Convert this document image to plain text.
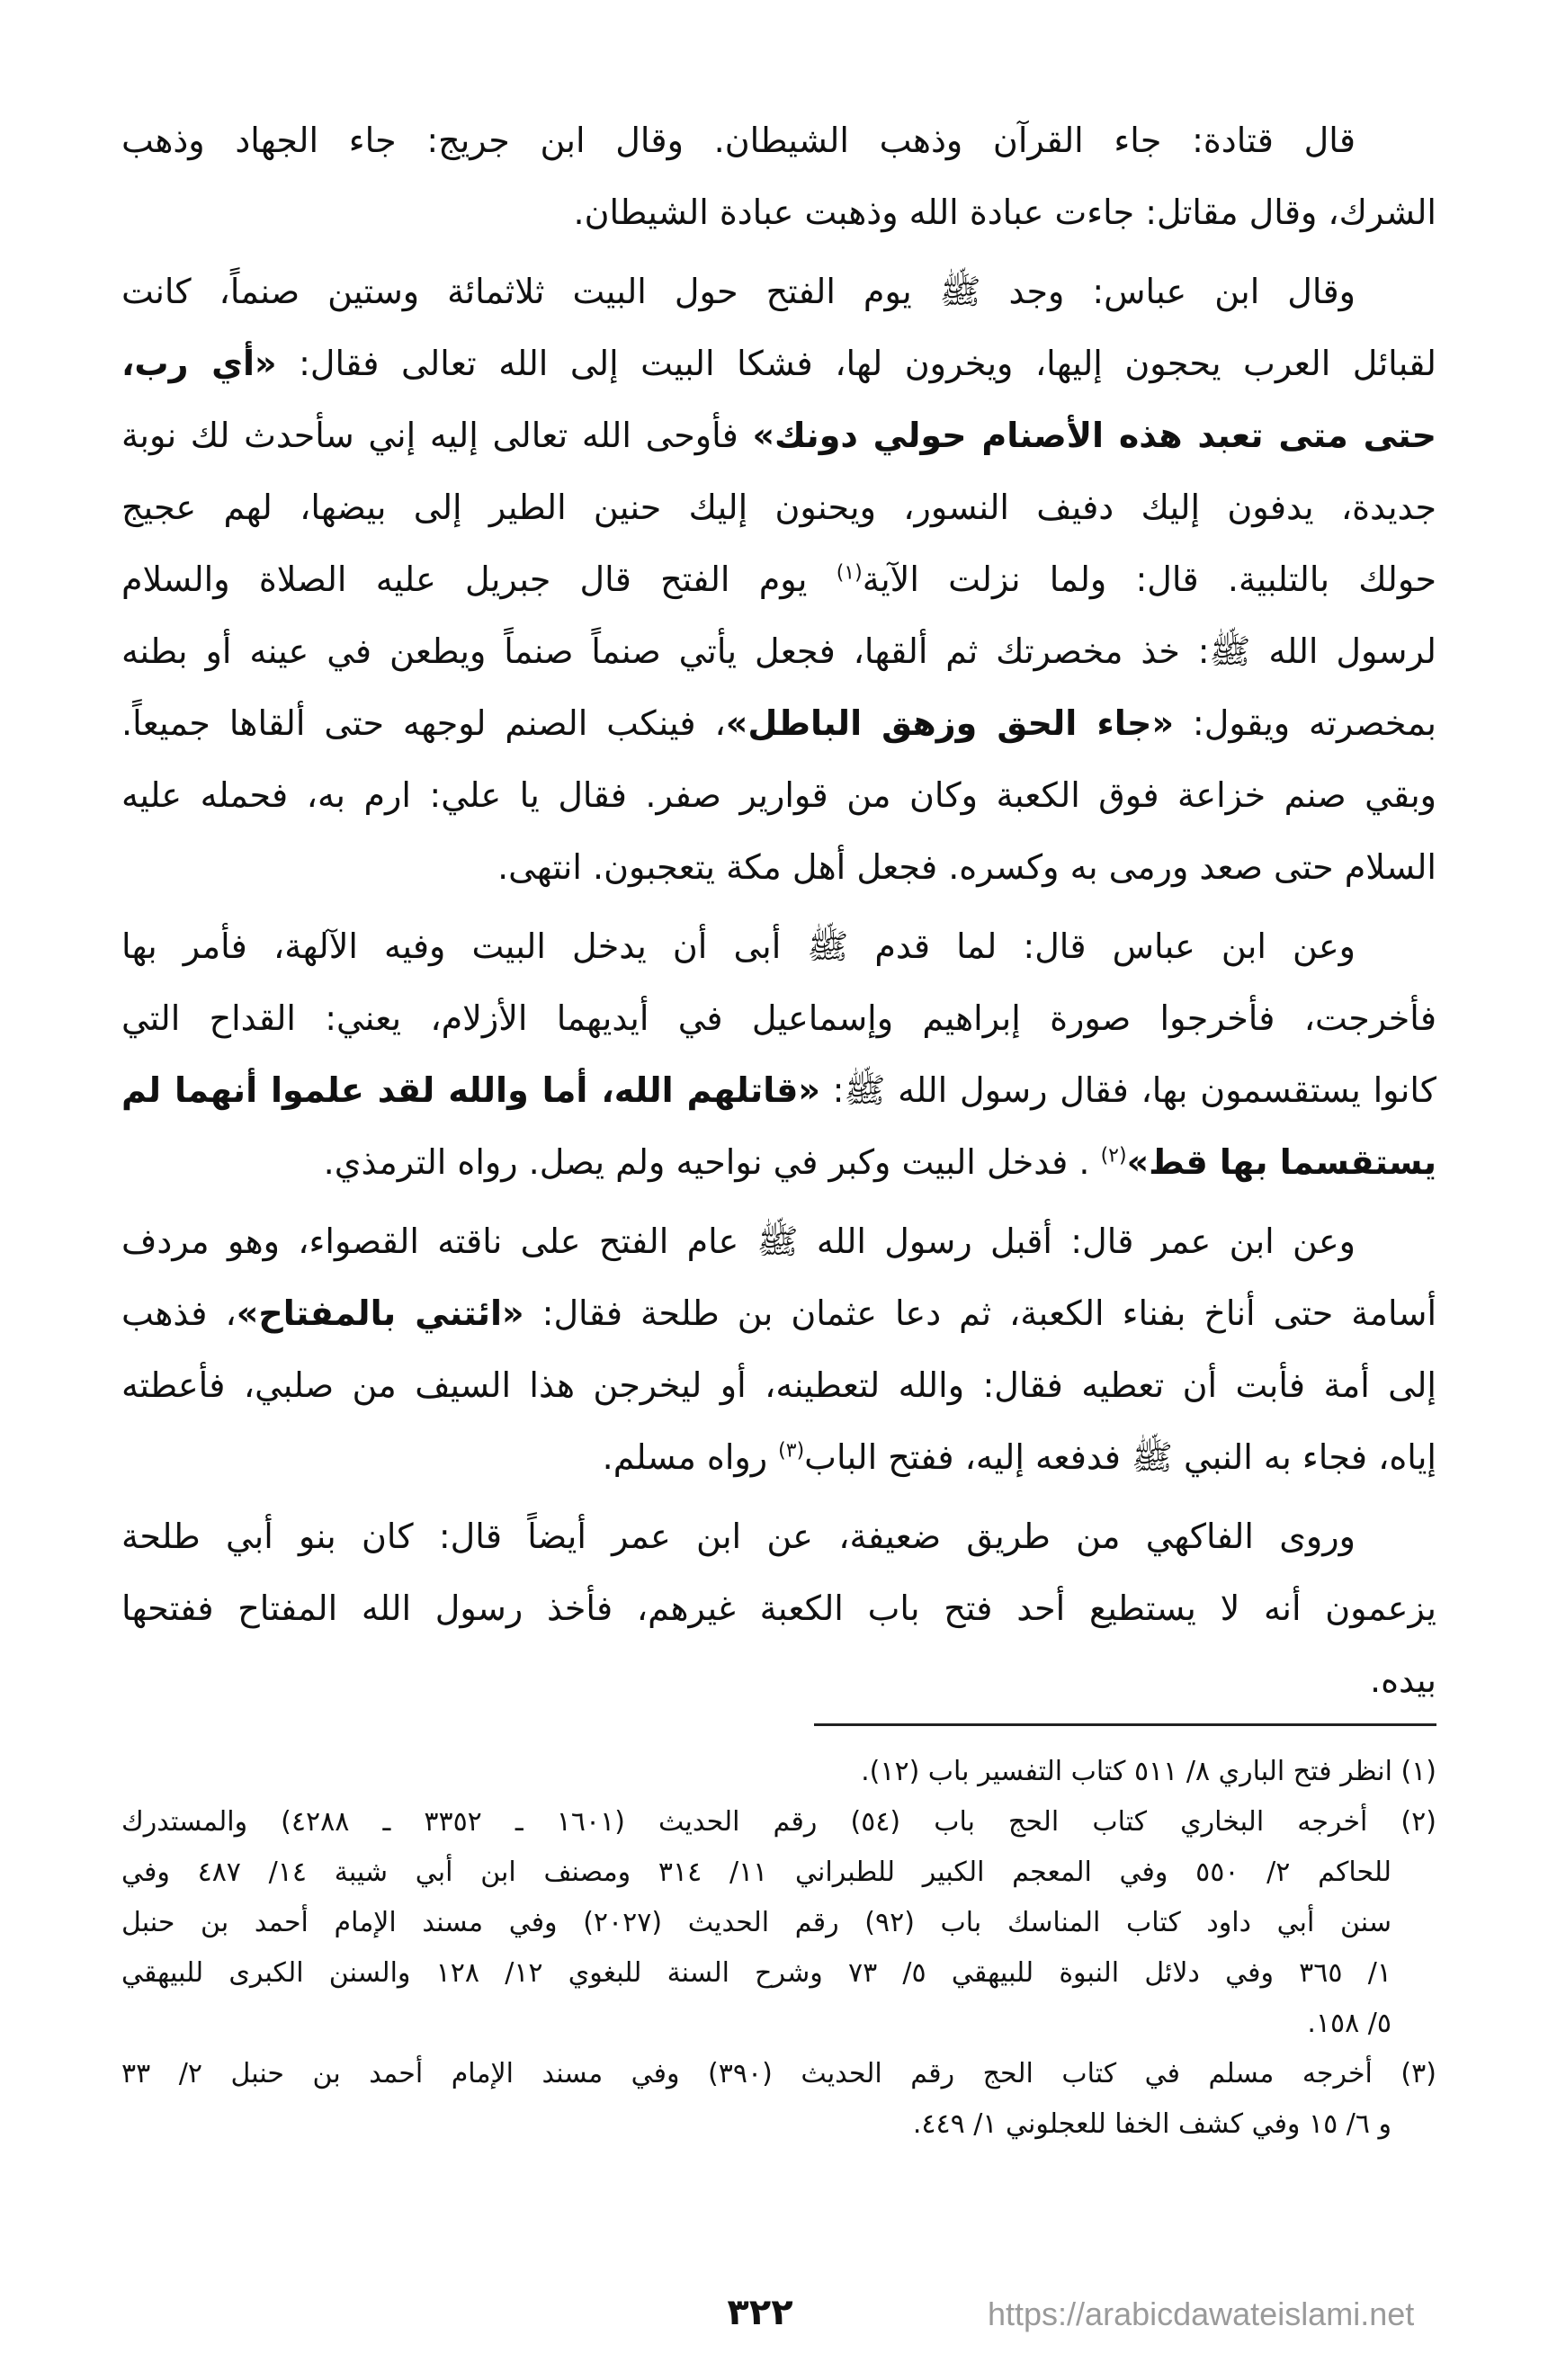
قال قتادة: جاء القرآن وذهب الشيطان. وقال ابن جريج: جاء الجهاد وذهب
الشرك، وقال مقاتل: جاءت عبادة الله وذهبت عبادة الشيطان.
وقال ابن عباس: وجد ﷺ يوم الفتح حول البيت ثلاثمائة وستين صنماً، كانت
لقبائل العرب يحجون إليها، ويخرون لها، فشكا البيت إلى الله تعالى فقال: «أي رب،
حتى متى تعبد هذه الأصنام حولي دونك» فأوحى الله تعالى إليه إني سأحدث لك نوبة
جديدة، يدفون إليك دفيف النسور، ويحنون إليك حنين الطير إلى بيضها، لهم عجيج
حولك بالتلبية. قال: ولما نزلت الآية$^{(١)}$ يوم الفتح قال جبريل عليه الصلاة والسلام
لرسول الله ﷺ: خذ مخصرتك ثم ألقها، فجعل يأتي صنماً صنماً ويطعن في عينه أو بطنه
بمخصرته ويقول: «جاء الحق وزهق الباطل»، فينكب الصنم لوجهه حتى ألقاها جميعاً.
وبقي صنم خزاعة فوق الكعبة وكان من قوارير صفر. فقال يا علي: ارم به، فحمله عليه
السلام حتى صعد ورمى به وكسره. فجعل أهل مكة يتعجبون. انتهى.
وعن ابن عباس قال: لما قدم ﷺ أبى أن يدخل البيت وفيه الآلهة، فأمر بها
فأخرجت، فأخرجوا صورة إبراهيم وإسماعيل في أيديهما الأزلام، يعني: القداح التي
كانوا يستقسمون بها، فقال رسول الله ﷺ: «قاتلهم الله، أما والله لقد علموا أنهما لم
يستقسما بها قط»$^{(٢)}$ . فدخل البيت وكبر في نواحيه ولم يصل. رواه الترمذي.
وعن ابن عمر قال: أقبل رسول الله ﷺ عام الفتح على ناقته القصواء، وهو مردف
أسامة حتى أناخ بفناء الكعبة، ثم دعا عثمان بن طلحة فقال: «ائتني بالمفتاح»، فذهب
إلى أمة فأبت أن تعطيه فقال: والله لتعطينه، أو ليخرجن هذا السيف من صلبي، فأعطته
إياه، فجاء به النبي ﷺ فدفعه إليه، ففتح الباب$^{(٣)}$ رواه مسلم.
وروى الفاكهي من طريق ضعيفة، عن ابن عمر أيضاً قال: كان بنو أبي طلحة
يزعمون أنه لا يستطيع أحد فتح باب الكعبة غيرهم، فأخذ رسول الله المفتاح ففتحها
بيده.
(١) انظر فتح الباري ٨/ ٥١١ كتاب التفسير باب (١٢).
(٢) أخرجه البخاري كتاب الحج باب (٥٤) رقم الحديث (١٦٠١ ـ ٣٣٥٢ ـ ٤٢٨٨) والمستدرك
للحاكم ٢/ ٥٥٠ وفي المعجم الكبير للطبراني ١١/ ٣١٤ ومصنف ابن أبي شيبة ١٤/ ٤٨٧ وفي
سنن أبي داود كتاب المناسك باب (٩٢) رقم الحديث (٢٠٢٧) وفي مسند الإمام أحمد بن حنبل
١/ ٣٦٥ وفي دلائل النبوة للبيهقي ٥/ ٧٣ وشرح السنة للبغوي ١٢/ ١٢٨ والسنن الكبرى للبيهقي
٥/ ١٥٨.
(٣) أخرجه مسلم في كتاب الحج رقم الحديث (٣٩٠) وفي مسند الإمام أحمد بن حنبل ٢/ ٣٣
و ٦/ ١٥ وفي كشف الخفا للعجلوني ١/ ٤٤٩.
٣٢٢	https://arabicdawateislami.net
